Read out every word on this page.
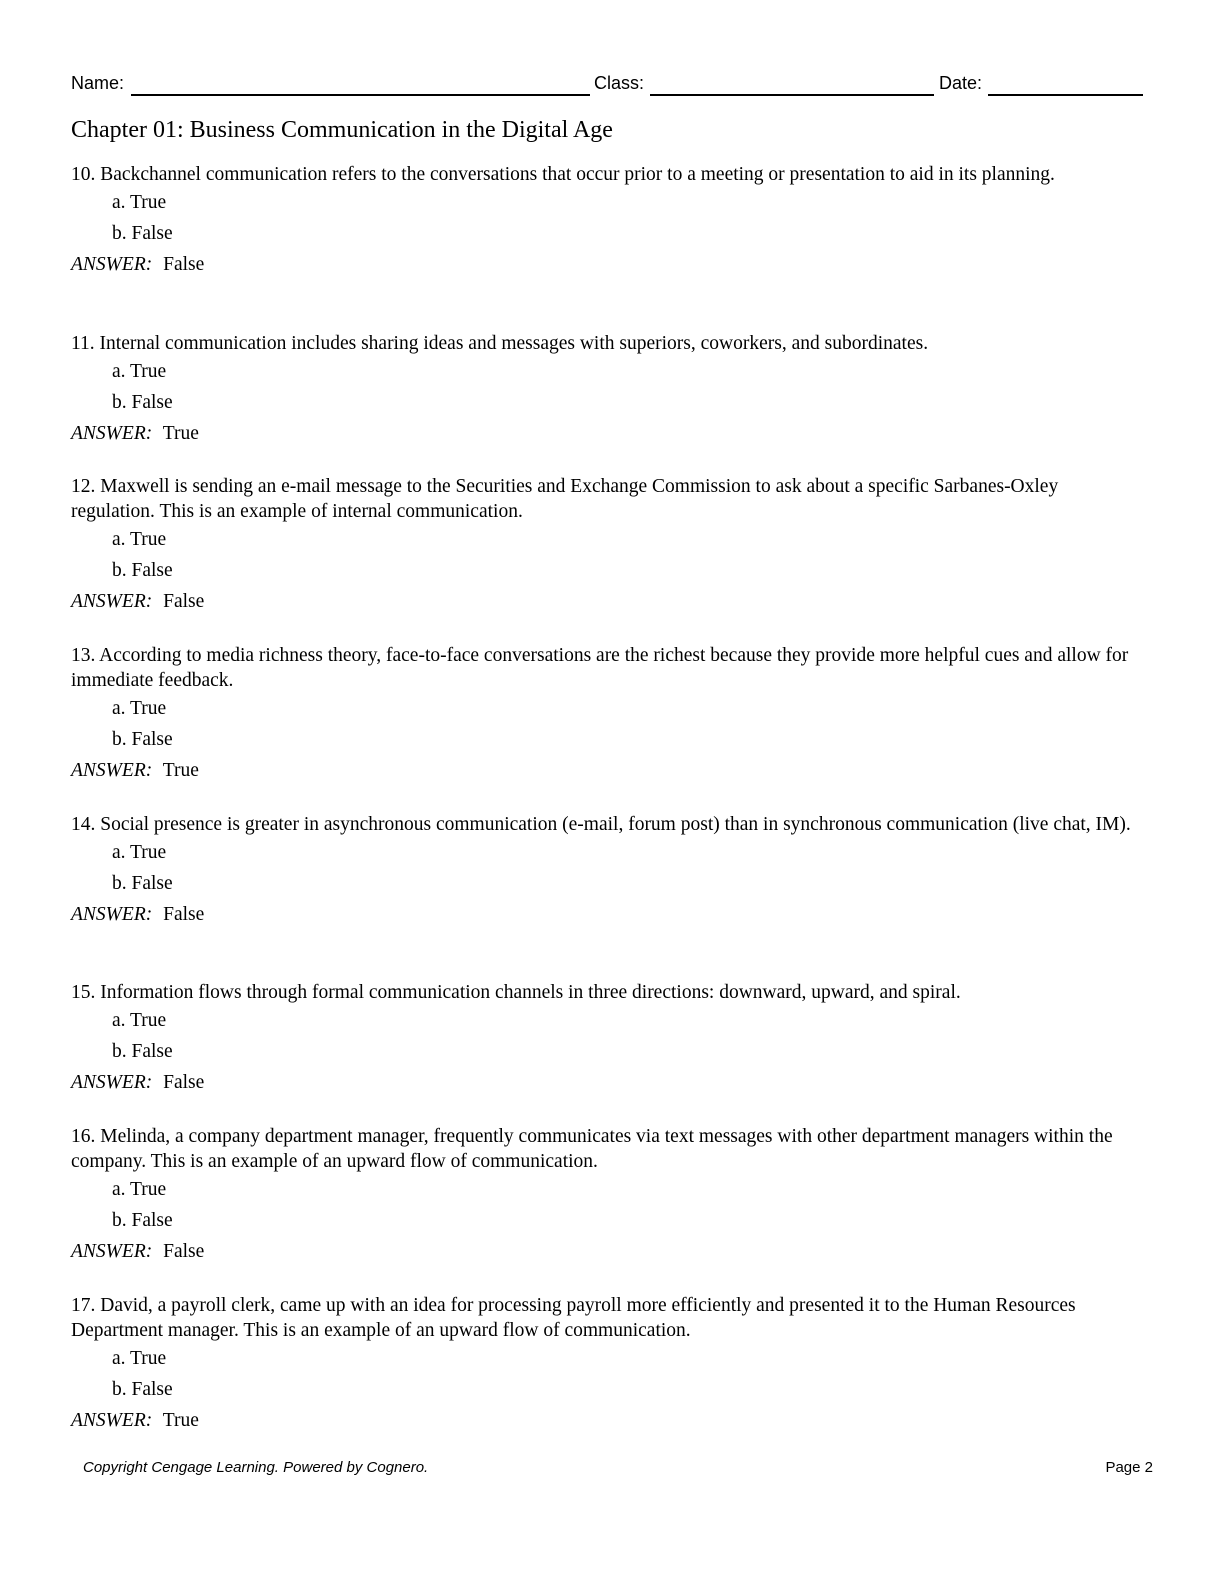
Name:	Class:	Date:
Chapter 01: Business Communication in the Digital Age

10. Backchannel communication refers to the conversations that occur prior to a meeting or presentation to aid in its planning.

a. True

b. False

ANSWER: False

11. Internal communication includes sharing ideas and messages with superiors, coworkers, and subordinates.

a. True

b. False

ANSWER: True

12. Maxwell is sending an e-mail message to the Securities and Exchange Commission to ask about a specific Sarbanes-Oxley regulation. This is an example of internal communication.

a. True

b. False

ANSWER: False

13. According to media richness theory, face-to-face conversations are the richest because they provide more helpful cues and allow for immediate feedback.

a. True

b. False

ANSWER: True

14. Social presence is greater in asynchronous communication (e-mail, forum post) than in synchronous communication (live chat, IM).

a. True

b. False

ANSWER: False

15. Information flows through formal communication channels in three directions: downward, upward, and spiral.

a. True

b. False

ANSWER: False

16. Melinda, a company department manager, frequently communicates via text messages with other department managers within the company. This is an example of an upward flow of communication.

a. True

b. False

ANSWER: False

17. David, a payroll clerk, came up with an idea for processing payroll more efficiently and presented it to the Human Resources Department manager. This is an example of an upward flow of communication.

a. True

b. False

ANSWER: True

Copyright Cengage Learning. Powered by Cognero.	Page 2
